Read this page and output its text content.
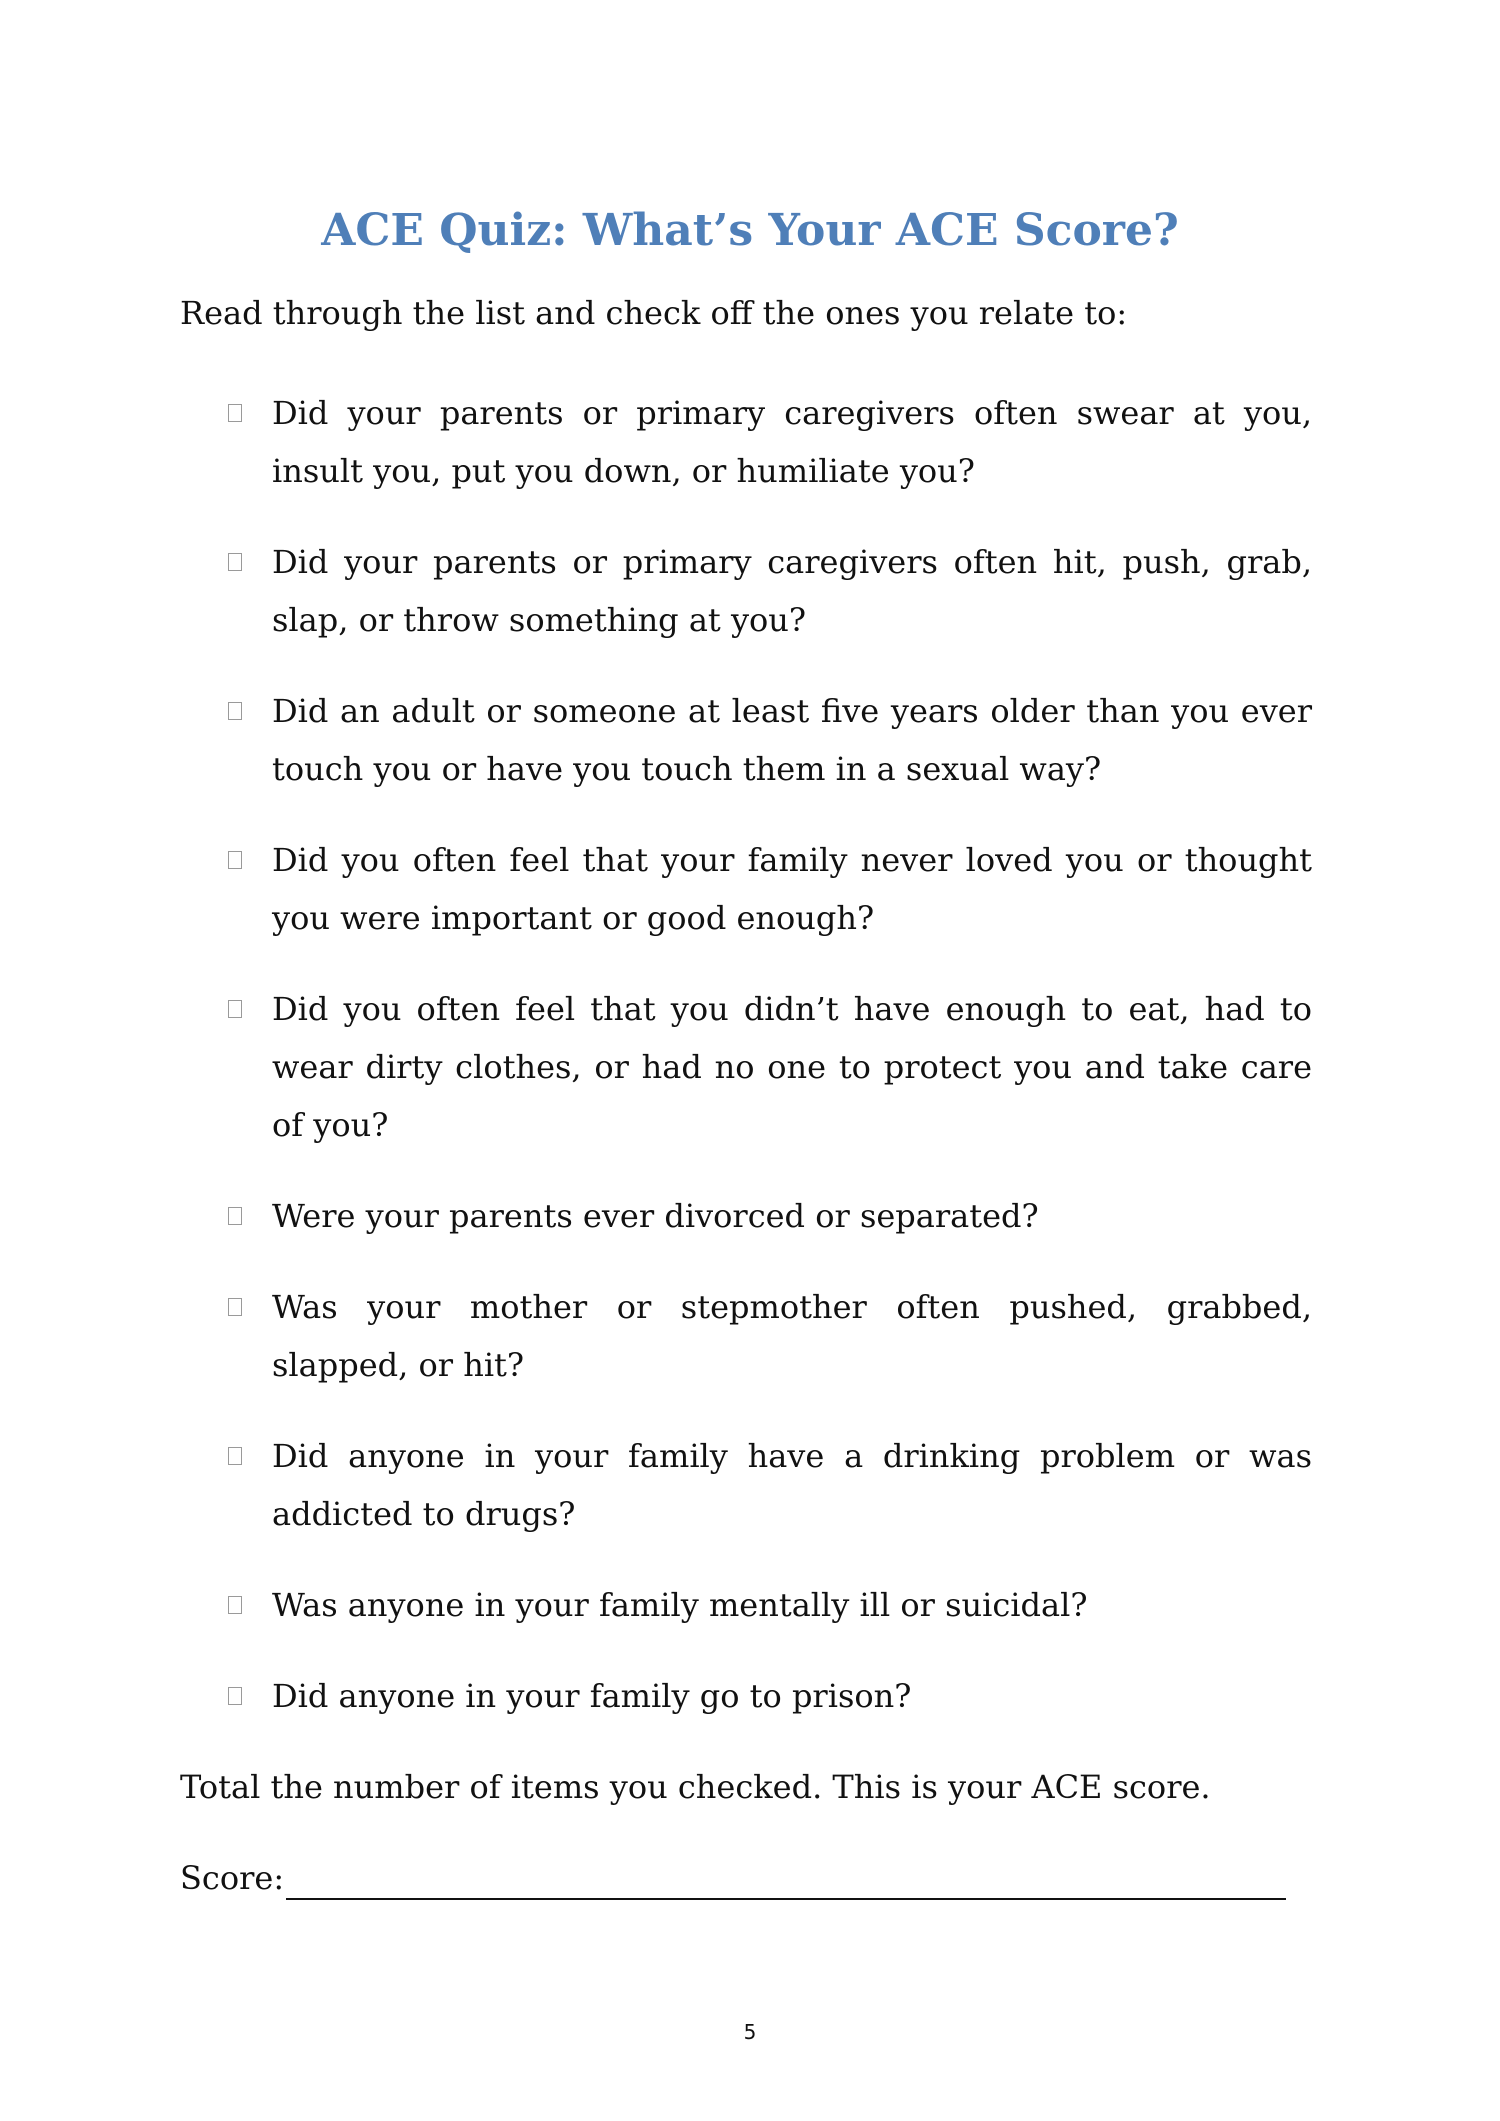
ACE Quiz: What’s Your ACE Score?
Read through the list and check off the ones you relate to:
Did your parents or primary caregivers often swear at you, insult you, put you down, or humiliate you?
Did your parents or primary caregivers often hit, push, grab, slap, or throw something at you?
Did an adult or someone at least five years older than you ever touch you or have you touch them in a sexual way?
Did you often feel that your family never loved you or thought you were important or good enough?
Did you often feel that you didn’t have enough to eat, had to wear dirty clothes, or had no one to protect you and take care of you?
Were your parents ever divorced or separated?
Was your mother or stepmother often pushed, grabbed, slapped, or hit?
Did anyone in your family have a drinking problem or was addicted to drugs?
Was anyone in your family mentally ill or suicidal?
Did anyone in your family go to prison?
Total the number of items you checked. This is your ACE score.
Score:
5
